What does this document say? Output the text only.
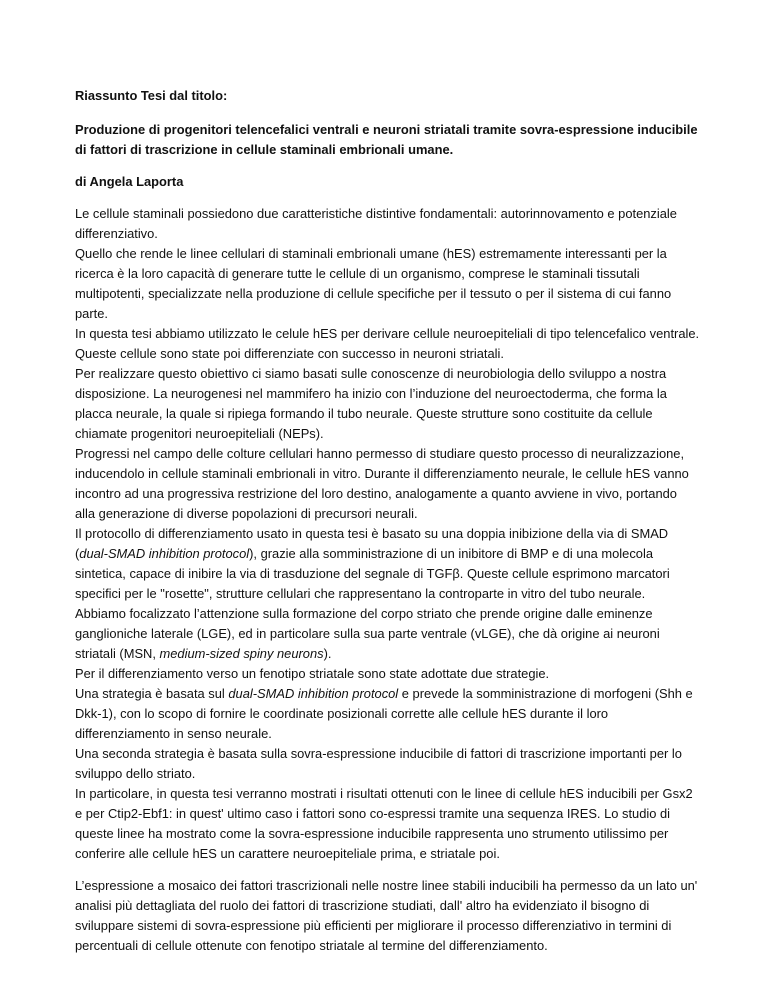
Riassunto Tesi dal titolo:

Produzione di progenitori telencefalici ventrali e neuroni striatali tramite sovra-espressione inducibile di fattori di trascrizione in cellule staminali embrionali umane.

di Angela Laporta

Le cellule staminali possiedono due caratteristiche distintive fondamentali: autorinnovamento e potenziale differenziativo.

Quello che rende le linee cellulari di staminali embrionali umane (hES) estremamente interessanti per la ricerca è la loro capacità di generare tutte le cellule di un organismo, comprese le staminali tissutali multipotenti, specializzate nella produzione di cellule specifiche per il tessuto o per il sistema di cui fanno parte.

In questa tesi abbiamo utilizzato le celule hES per derivare cellule neuroepiteliali di tipo telencefalico ventrale. Queste cellule sono state poi differenziate con successo in neuroni striatali.

Per realizzare questo obiettivo ci siamo basati sulle conoscenze di neurobiologia dello sviluppo a nostra disposizione. La neurogenesi nel mammifero ha inizio con l’induzione del neuroectoderma, che forma la placca neurale, la quale si ripiega formando il tubo neurale. Queste strutture sono costituite da cellule chiamate progenitori neuroepiteliali (NEPs).

Progressi nel campo delle colture cellulari hanno permesso di studiare questo processo di neuralizzazione, inducendolo in cellule staminali embrionali in vitro. Durante il differenziamento neurale, le cellule hES vanno incontro ad una progressiva restrizione del loro destino, analogamente a quanto avviene in vivo, portando alla generazione di diverse popolazioni di precursori neurali.

Il protocollo di differenziamento usato in questa tesi è basato su una doppia inibizione della via di SMAD (dual-SMAD inhibition protocol), grazie alla somministrazione di un inibitore di BMP e di una molecola sintetica, capace di inibire la via di trasduzione del segnale di TGFβ. Queste cellule esprimono marcatori specifici per le "rosette", strutture cellulari che rappresentano la controparte in vitro del tubo neurale.

Abbiamo focalizzato l’attenzione sulla formazione del corpo striato che prende origine dalle eminenze ganglioniche laterale (LGE), ed in particolare sulla sua parte ventrale (vLGE), che dà origine ai neuroni striatali (MSN, medium-sized spiny neurons).

Per il differenziamento verso un fenotipo striatale sono state adottate due strategie.

Una strategia è basata sul dual-SMAD inhibition protocol e prevede la somministrazione di morfogeni (Shh e Dkk-1), con lo scopo di fornire le coordinate posizionali corrette alle cellule hES durante il loro differenziamento in senso neurale.

Una seconda strategia è basata sulla sovra-espressione inducibile di fattori di trascrizione importanti per lo sviluppo dello striato.

In particolare, in questa tesi verranno mostrati i risultati ottenuti con le linee di cellule hES inducibili per Gsx2 e per Ctip2-Ebf1: in quest' ultimo caso i fattori sono co-espressi tramite una sequenza IRES. Lo studio di queste linee ha mostrato come la sovra-espressione inducibile rappresenta uno strumento utilissimo per conferire alle cellule hES un carattere neuroepiteliale prima, e striatale poi.

L’espressione a mosaico dei fattori trascrizionali nelle nostre linee stabili inducibili ha permesso da un lato un' analisi più dettagliata del ruolo dei fattori di trascrizione studiati, dall' altro ha evidenziato il bisogno di sviluppare sistemi di sovra-espressione più efficienti per migliorare il processo differenziativo in termini di percentuali di cellule ottenute con fenotipo striatale al termine del differenziamento.
